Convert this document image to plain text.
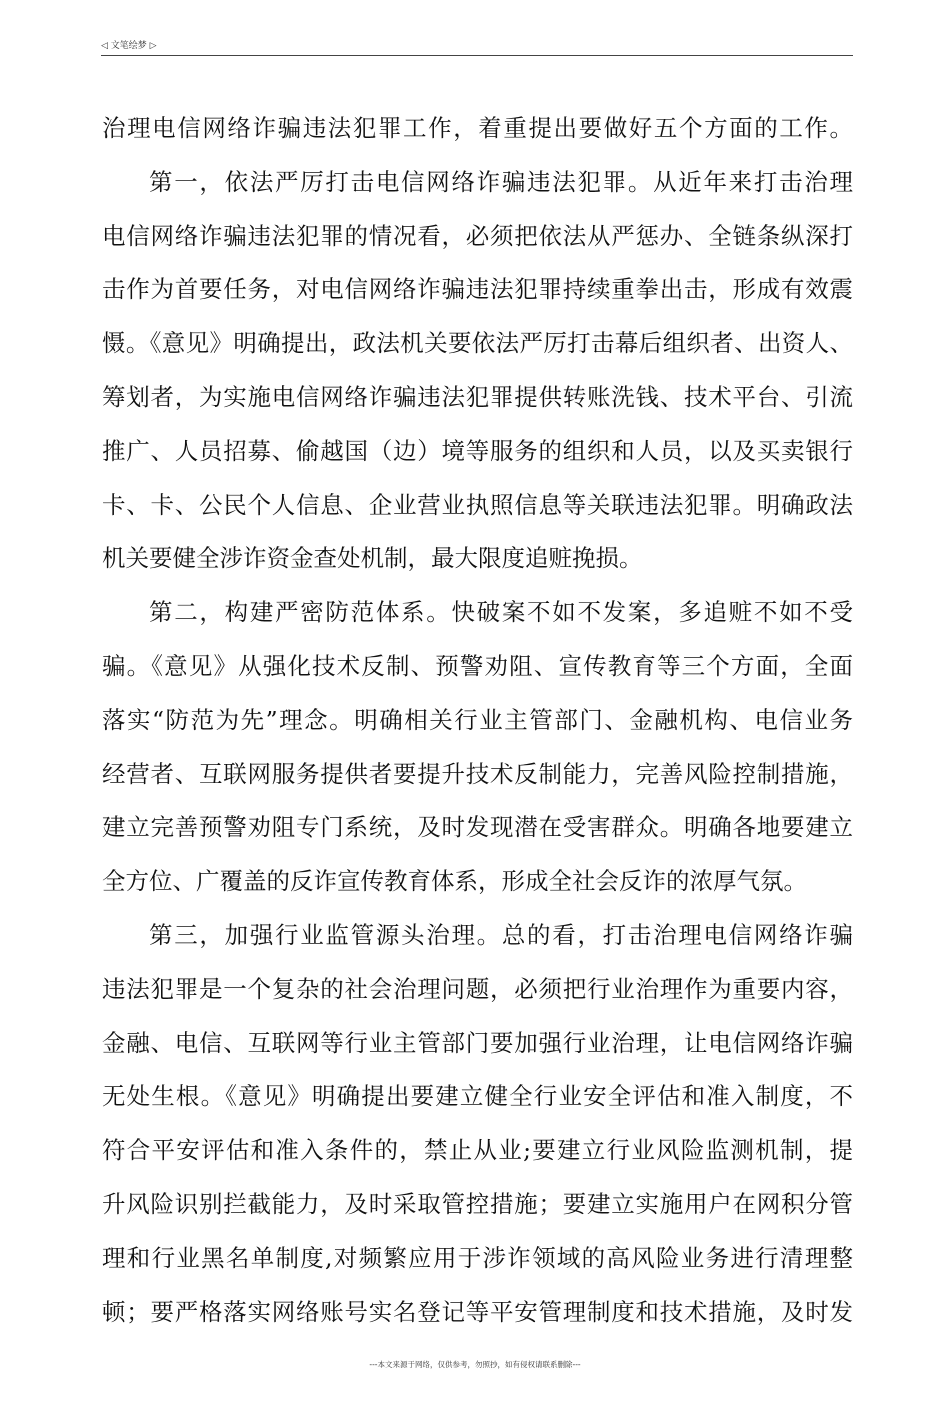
◁ 文笔绘梦 ▷
治理电信网络诈骗违法犯罪工作，着重提出要做好五个方面的工作。
第一，依法严厉打击电信网络诈骗违法犯罪。从近年来打击治理
电信网络诈骗违法犯罪的情况看，必须把依法从严惩办、全链条纵深打
击作为首要任务，对电信网络诈骗违法犯罪持续重拳出击，形成有效震
慑。《意见》明确提出，政法机关要依法严厉打击幕后组织者、出资人、
筹划者，为实施电信网络诈骗违法犯罪提供转账洗钱、技术平台、引流
推广、人员招募、偷越国（边）境等服务的组织和人员，以及买卖银行
卡、卡、公民个人信息、企业营业执照信息等关联违法犯罪。明确政法
机关要健全涉诈资金查处机制，最大限度追赃挽损。
第二，构建严密防范体系。快破案不如不发案，多追赃不如不受
骗。《意见》从强化技术反制、预警劝阻、宣传教育等三个方面，全面
落实“防范为先”理念。明确相关行业主管部门、金融机构、电信业务
经营者、互联网服务提供者要提升技术反制能力，完善风险控制措施，
建立完善预警劝阻专门系统，及时发现潜在受害群众。明确各地要建立
全方位、广覆盖的反诈宣传教育体系，形成全社会反诈的浓厚气氛。
第三，加强行业监管源头治理。总的看，打击治理电信网络诈骗
违法犯罪是一个复杂的社会治理问题，必须把行业治理作为重要内容，
金融、电信、互联网等行业主管部门要加强行业治理，让电信网络诈骗
无处生根。《意见》明确提出要建立健全行业安全评估和准入制度，不
符合平安评估和准入条件的，禁止从业;要建立行业风险监测机制，提
升风险识别拦截能力，及时采取管控措施；要建立实施用户在网积分管
理和行业黑名单制度,对频繁应用于涉诈领域的高风险业务进行清理整
顿；要严格落实网络账号实名登记等平安管理制度和技术措施，及时发
---本文来源于网络，仅供参考，勿照抄，如有侵权请联系删除---
